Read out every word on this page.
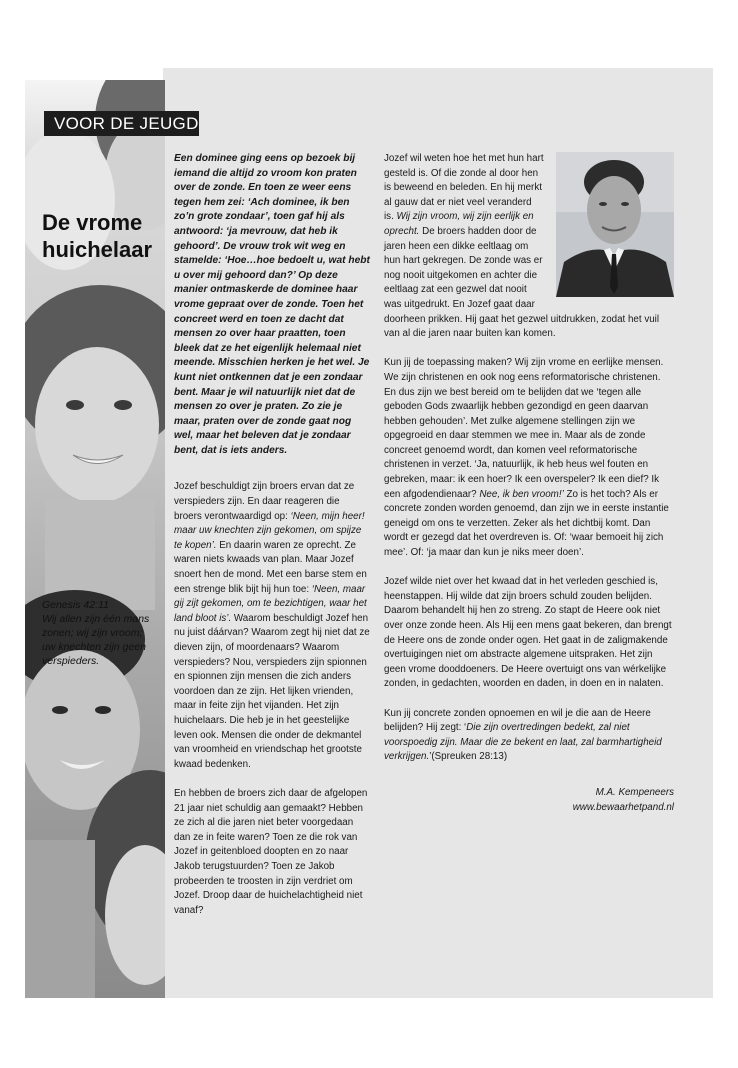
VOOR DE JEUGD
De vrome
huichelaar
Genesis 42:11
Wij allen zijn één mans zonen; wij zijn vroom; uw knechten zijn geen verspieders.

Een dominee ging eens op bezoek bij iemand die altijd zo vroom kon praten over de zonde. En toen ze weer eens tegen hem zei: ‘Ach dominee, ik ben zo’n grote zondaar’, toen gaf hij als antwoord: ‘ja mevrouw, dat heb ik gehoord’. De vrouw trok wit weg en stamelde: ‘Hoe…hoe bedoelt u, wat hebt u over mij gehoord dan?’ Op deze manier ontmaskerde de dominee haar vrome gepraat over de zonde. Toen het concreet werd en toen ze dacht dat mensen zo over haar praatten, toen bleek dat ze het eigenlijk helemaal niet meende. Misschien herken je het wel. Je kunt niet ontkennen dat je een zondaar bent. Maar je wil natuurlijk niet dat de mensen zo over je praten. Zo zie je maar, praten over de zonde gaat nog wel, maar het beleven dat je zondaar bent, dat is iets anders.

Jozef beschuldigt zijn broers ervan dat ze verspieders zijn. En daar reageren die broers verontwaardigd op: ‘Neen, mijn heer! maar uw knechten zijn gekomen, om spijze te kopen’. En daarin waren ze oprecht. Ze waren niets kwaads van plan. Maar Jozef snoert hen de mond. Met een barse stem en een strenge blik bijt hij hun toe: ‘Neen, maar gij zijt gekomen, om te bezichtigen, waar het land bloot is’. Waarom beschuldigt Jozef hen nu juist dáárvan? Waarom zegt hij niet dat ze dieven zijn, of moordenaars? Waarom verspieders? Nou, verspieders zijn spionnen en spionnen zijn mensen die zich anders voordoen dan ze zijn. Het lijken vrienden, maar in feite zijn het vijanden. Het zijn huichelaars. Die heb je in het geestelijke leven ook. Mensen die onder de dekmantel van vroomheid en vriendschap het grootste kwaad bedenken.

En hebben de broers zich daar de afgelopen 21 jaar niet schuldig aan gemaakt? Hebben ze zich al die jaren niet beter voorgedaan dan ze in feite waren? Toen ze die rok van Jozef in geitenbloed doopten en zo naar Jakob terugstuurden? Toen ze Jakob probeerden te troosten in zijn verdriet om Jozef. Droop daar de huichelachtigheid niet vanaf?

Jozef wil weten hoe het met hun hart gesteld is. Of die zonde al door hen is beweend en beleden. En hij merkt al gauw dat er niet veel veranderd is. Wij zijn vroom, wij zijn eerlijk en oprecht. De broers hadden door de jaren heen een dikke eeltlaag om hun hart gekregen. De zonde was er nog nooit uitgekomen en achter die eeltlaag zat een gezwel dat nooit was uitgedrukt. En Jozef gaat daar doorheen prikken. Hij gaat het gezwel uitdrukken, zodat het vuil van al die jaren naar buiten kan komen.

Kun jij de toepassing maken? Wij zijn vrome en eerlijke mensen. We zijn christenen en ook nog eens reformatorische christenen. En dus zijn we best bereid om te belijden dat we ‘tegen alle geboden Gods zwaarlijk hebben gezondigd en geen daarvan hebben gehouden’. Met zulke algemene stellingen zijn we opgegroeid en daar stemmen we mee in. Maar als de zonde concreet genoemd wordt, dan komen veel reformatorische christenen in verzet. ‘Ja, natuurlijk, ik heb heus wel fouten en gebreken, maar: ik een hoer? Ik een overspeler? Ik een dief? Ik een afgodendienaar? Nee, ik ben vroom!’ Zo is het toch? Als er concrete zonden worden genoemd, dan zijn we in eerste instantie geneigd om ons te verzetten. Zeker als het dichtbij komt. Dan wordt er gezegd dat het overdreven is. Of: ‘waar bemoeit hij zich mee’. Of: ‘ja maar dan kun je niks meer doen’.

Jozef wilde niet over het kwaad dat in het verleden geschied is, heenstappen. Hij wilde dat zijn broers schuld zouden belijden. Daarom behandelt hij hen zo streng. Zo stapt de Heere ook niet over onze zonde heen. Als Hij een mens gaat bekeren, dan brengt de Heere ons de zonde onder ogen. Het gaat in de zaligmakende overtuigingen niet om abstracte algemene uitspraken. Het zijn geen vrome dooddoeners. De Heere overtuigt ons van wérkelijke zonden, in gedachten, woorden en daden, in doen en in nalaten.

Kun jij concrete zonden opnoemen en wil je die aan de Heere belijden? Hij zegt: ‘Die zijn overtredingen bedekt, zal niet voorspoedig zijn. Maar die ze bekent en laat, zal barmhartigheid verkrijgen.’(Spreuken 28:13)

M.A. Kempeneers
www.bewaarhetpand.nl
